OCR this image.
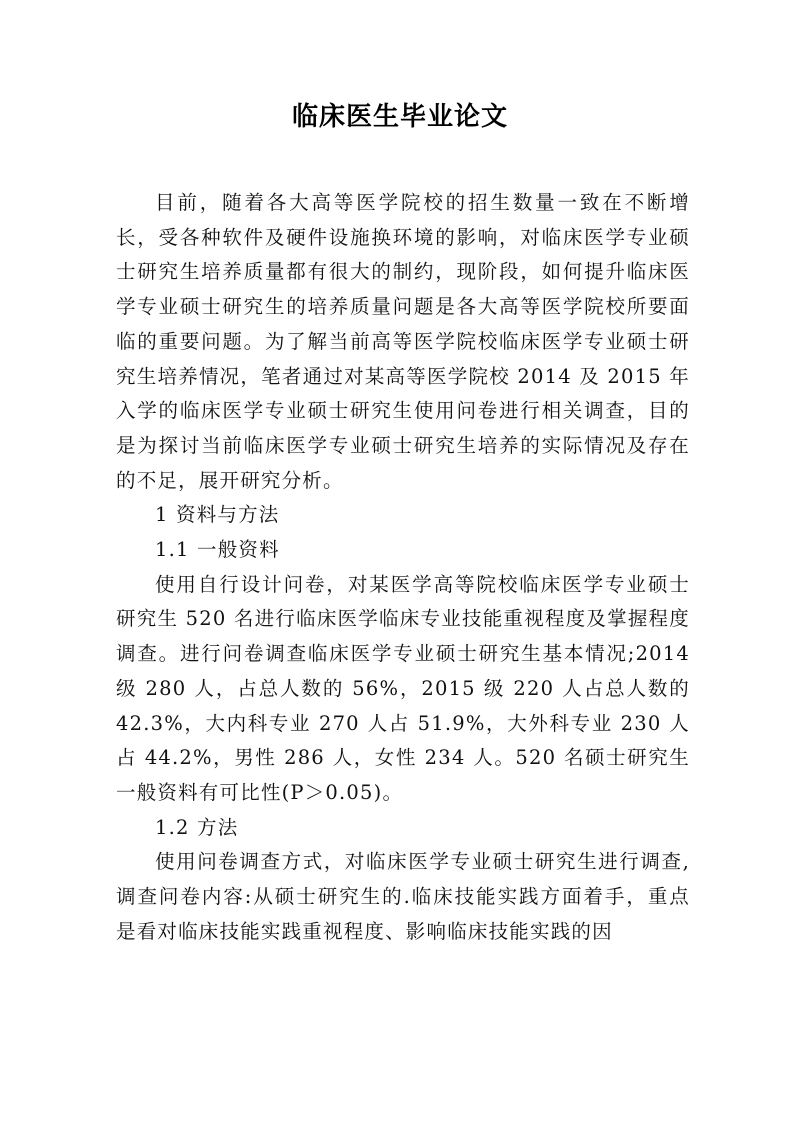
临床医生毕业论文

目前，随着各大高等医学院校的招生数量一致在不断增长，受各种软件及硬件设施换环境的影响，对临床医学专业硕士研究生培养质量都有很大的制约，现阶段，如何提升临床医学专业硕士研究生的培养质量问题是各大高等医学院校所要面临的重要问题。为了解当前高等医学院校临床医学专业硕士研究生培养情况，笔者通过对某高等医学院校 2014 及 2015 年入学的临床医学专业硕士研究生使用问卷进行相关调查，目的是为探讨当前临床医学专业硕士研究生培养的实际情况及存在的不足，展开研究分析。

1 资料与方法

1.1 一般资料

使用自行设计问卷，对某医学高等院校临床医学专业硕士研究生 520 名进行临床医学临床专业技能重视程度及掌握程度调查。进行问卷调查临床医学专业硕士研究生基本情况;2014 级 280 人，占总人数的 56%，2015 级 220 人占总人数的 42.3%，大内科专业 270 人占 51.9%，大外科专业 230 人占 44.2%，男性 286 人，女性 234 人。520 名硕士研究生一般资料有可比性(P＞0.05)。

1.2 方法

使用问卷调查方式，对临床医学专业硕士研究生进行调查,调查问卷内容:从硕士研究生的.临床技能实践方面着手，重点是看对临床技能实践重视程度、影响临床技能实践的因
